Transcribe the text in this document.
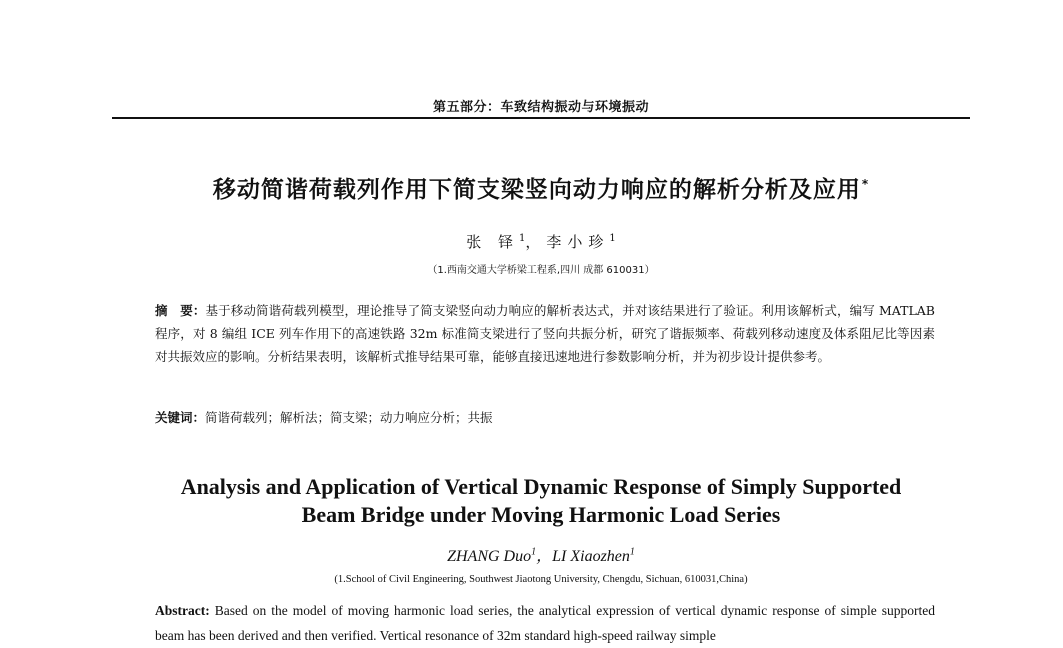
第五部分：车致结构振动与环境振动
移动简谐荷载列作用下简支梁竖向动力响应的解析分析及应用*
张 铎$^1$，李小珍$^1$
（1.西南交通大学桥梁工程系,四川 成都 610031）
摘　要：基于移动简谐荷载列模型，理论推导了简支梁竖向动力响应的解析表达式，并对该结果进行了验证。利用该解析式，编写 MATLAB 程序，对 8 编组 ICE 列车作用下的高速铁路 32m 标准简支梁进行了竖向共振分析，研究了谐振频率、荷载列移动速度及体系阻尼比等因素对共振效应的影响。分析结果表明，该解析式推导结果可靠，能够直接迅速地进行参数影响分析，并为初步设计提供参考。
关键词：简谐荷载列；解析法；简支梁；动力响应分析；共振
Analysis and Application of Vertical Dynamic Response of Simply Supported
Beam Bridge under Moving Harmonic Load Series
ZHANG Duo$^1$，LI Xiaozhen$^1$
(1.School of Civil Engineering, Southwest Jiaotong University, Chengdu, Sichuan, 610031,China)
Abstract: Based on the model of moving harmonic load series, the analytical expression of vertical dynamic response of simple supported beam has been derived and then verified. Vertical resonance of 32m standard high-speed railway simple
